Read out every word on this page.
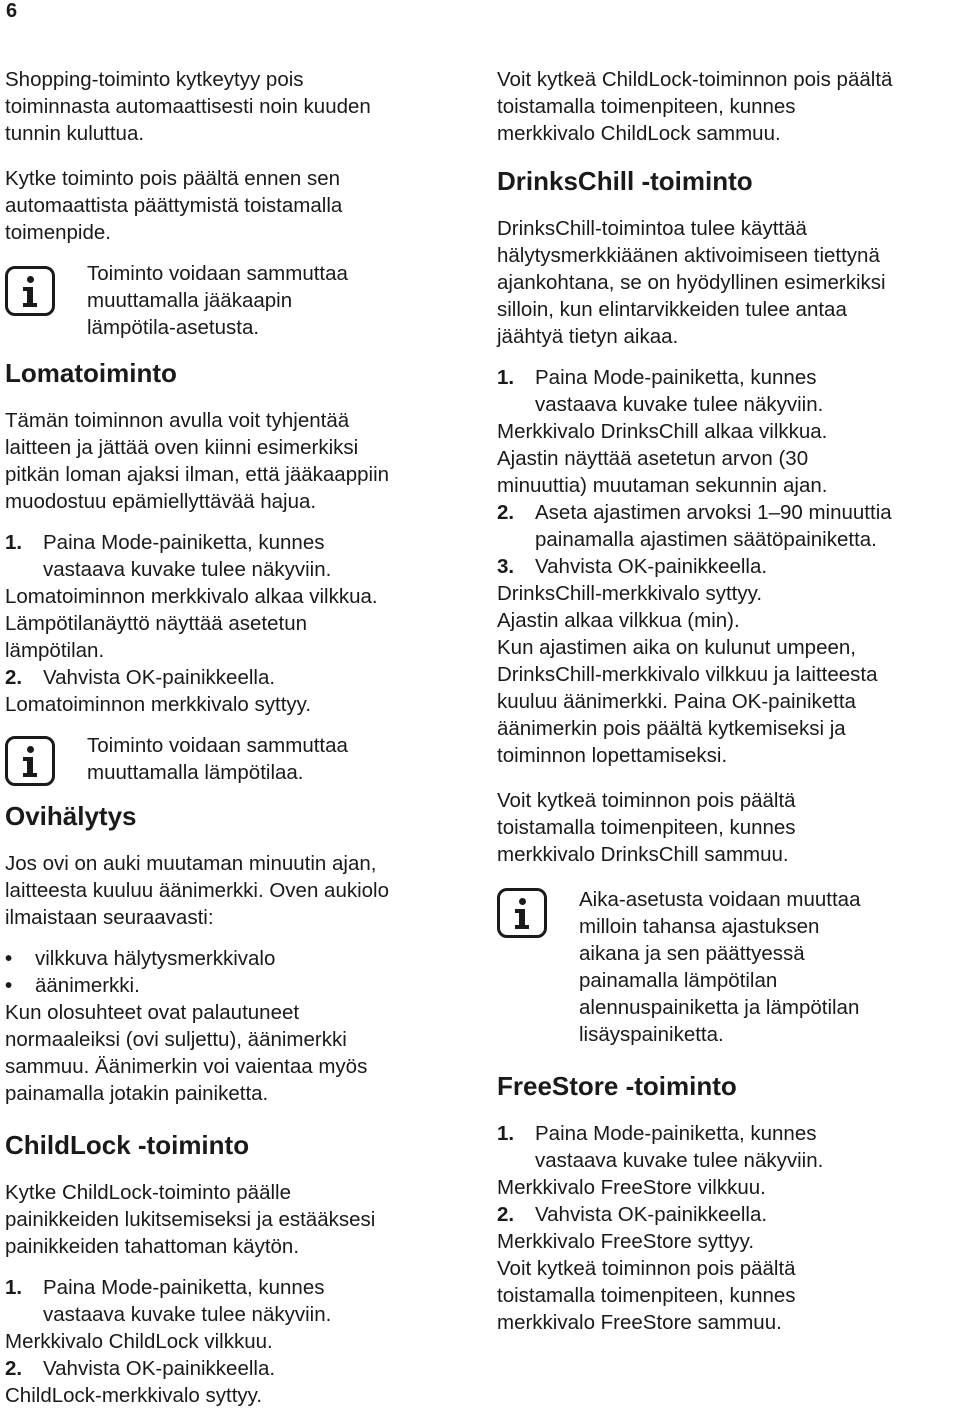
6

Shopping-toiminto kytkeytyy pois

toiminnasta automaattisesti noin kuuden

tunnin kuluttua.

Kytke toiminto pois päältä ennen sen

automaattista päättymistä toistamalla

toimenpide.

Toiminto voidaan sammuttaa

muuttamalla jääkaapin

lämpötila-asetusta.

Lomatoiminto

Tämän toiminnon avulla voit tyhjentää

laitteen ja jättää oven kiinni esimerkiksi

pitkän loman ajaksi ilman, että jääkaappiin

muodostuu epämiellyttävää hajua.

1.	Paina Mode-painiketta, kunnes

vastaava kuvake tulee näkyviin.

Lomatoiminnon merkkivalo alkaa vilkkua.

Lämpötilanäyttö näyttää asetetun

lämpötilan.

2.	Vahvista OK-painikkeella.

Lomatoiminnon merkkivalo syttyy.

Toiminto voidaan sammuttaa

muuttamalla lämpötilaa.

Ovihälytys

Jos ovi on auki muutaman minuutin ajan,

laitteesta kuuluu äänimerkki. Oven aukiolo

ilmaistaan seuraavasti:

•	vilkkuva hälytysmerkkivalo
•	äänimerkki.

Kun olosuhteet ovat palautuneet

normaaleiksi (ovi suljettu), äänimerkki

sammuu. Äänimerkin voi vaientaa myös

painamalla jotakin painiketta.

ChildLock -toiminto

Kytke ChildLock-toiminto päälle

painikkeiden lukitsemiseksi ja estääksesi

painikkeiden tahattoman käytön.

1.	Paina Mode-painiketta, kunnes

vastaava kuvake tulee näkyviin.

Merkkivalo ChildLock vilkkuu.

2.	Vahvista OK-painikkeella.

ChildLock-merkkivalo syttyy.

Voit kytkeä ChildLock-toiminnon pois päältä

toistamalla toimenpiteen, kunnes

merkkivalo ChildLock sammuu.

DrinksChill -toiminto

DrinksChill-toimintoa tulee käyttää

hälytysmerkkiäänen aktivoimiseen tiettynä

ajankohtana, se on hyödyllinen esimerkiksi

silloin, kun elintarvikkeiden tulee antaa

jäähtyä tietyn aikaa.

1.	Paina Mode-painiketta, kunnes

vastaava kuvake tulee näkyviin.

Merkkivalo DrinksChill alkaa vilkkua.

Ajastin näyttää asetetun arvon (30

minuuttia) muutaman sekunnin ajan.

2.	Aseta ajastimen arvoksi 1–90 minuuttia

painamalla ajastimen säätöpainiketta.

3.	Vahvista OK-painikkeella.

DrinksChill-merkkivalo syttyy.

Ajastin alkaa vilkkua (min).

Kun ajastimen aika on kulunut umpeen,

DrinksChill-merkkivalo vilkkuu ja laitteesta

kuuluu äänimerkki. Paina OK-painiketta

äänimerkin pois päältä kytkemiseksi ja

toiminnon lopettamiseksi.

Voit kytkeä toiminnon pois päältä

toistamalla toimenpiteen, kunnes

merkkivalo DrinksChill sammuu.

Aika-asetusta voidaan muuttaa

milloin tahansa ajastuksen

aikana ja sen päättyessä

painamalla lämpötilan

alennuspainiketta ja lämpötilan

lisäyspainiketta.

FreeStore -toiminto
1.	Paina Mode-painiketta, kunnes

vastaava kuvake tulee näkyviin.

Merkkivalo FreeStore vilkkuu.

2.	Vahvista OK-painikkeella.

Merkkivalo FreeStore syttyy.

Voit kytkeä toiminnon pois päältä

toistamalla toimenpiteen, kunnes

merkkivalo FreeStore sammuu.
